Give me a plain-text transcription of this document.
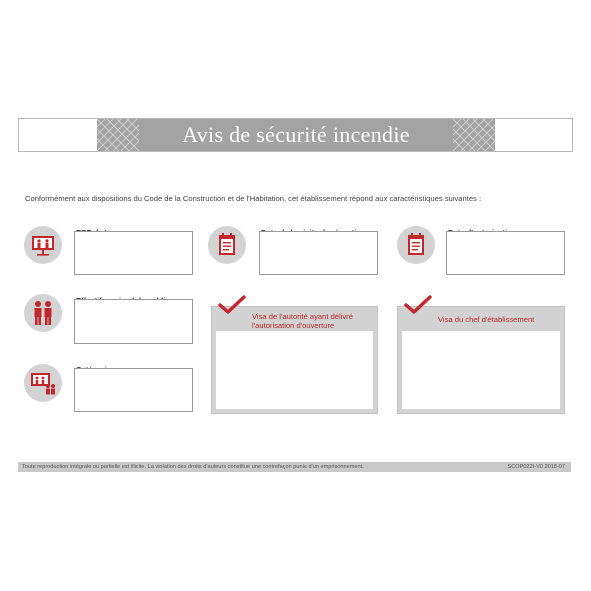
Avis de sécurité incendie
Conformément aux dispositions du Code de la Construction et de l'Habitation, cet établissement répond aux caractéristiques suivantes :
Visa de l'autorité ayant délivré
l'autorisation d'ouverture
Visa du chef d'établissement
Toute reproduction intégrale ou partielle est illicite. La violation des droits d'auteurs constitue une contrefaçon punie d'un emprisonnement.	SCOP022I-V0 2018-07
